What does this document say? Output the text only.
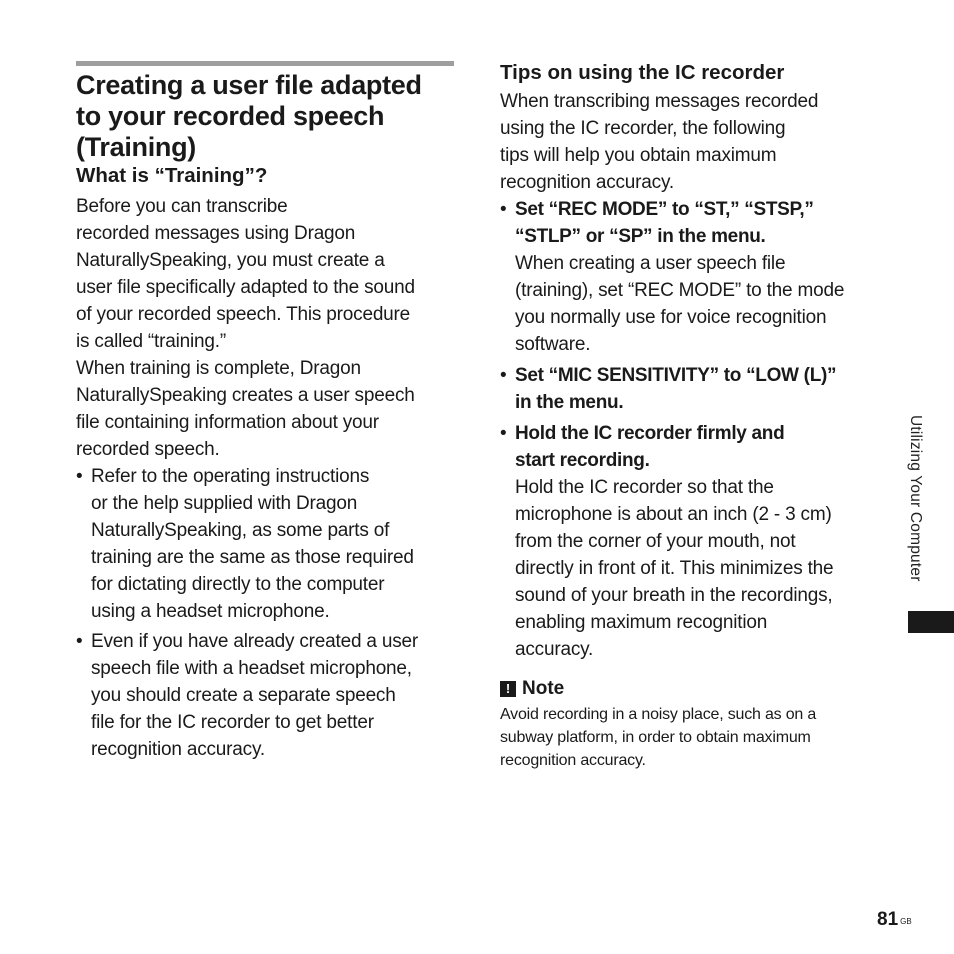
Creating a user file adapted
to your recorded speech
(Training)
What is “Training”?

Before you can transcribe
recorded messages using Dragon
NaturallySpeaking, you must create a
user file specifically adapted to the sound
of your recorded speech. This procedure
is called “training.”
When training is complete, Dragon
NaturallySpeaking creates a user speech
file containing information about your
recorded speech.

• Refer to the operating instructions
or the help supplied with Dragon
NaturallySpeaking, as some parts of
training are the same as those required
for dictating directly to the computer
using a headset microphone.
• Even if you have already created a user
speech file with a headset microphone,
you should create a separate speech
file for the IC recorder to get better
recognition accuracy.
Tips on using the IC recorder

When transcribing messages recorded
using the IC recorder, the following
tips will help you obtain maximum
recognition accuracy.

• Set “REC MODE” to “ST,” “STSP,”
“STLP” or “SP” in the menu.
When creating a user speech file
(training), set “REC MODE” to the mode
you normally use for voice recognition
software.
• Set “MIC SENSITIVITY” to “LOW (L)”
in the menu.
• Hold the IC recorder firmly and
start recording.
Hold the IC recorder so that the
microphone is about an inch (2 - 3 cm)
from the corner of your mouth, not
directly in front of it. This minimizes the
sound of your breath in the recordings,
enabling maximum recognition
accuracy.
! Note

Avoid recording in a noisy place, such as on a
subway platform, in order to obtain maximum
recognition accuracy.

Utilizing Your Computer
81 $^{GB}$
